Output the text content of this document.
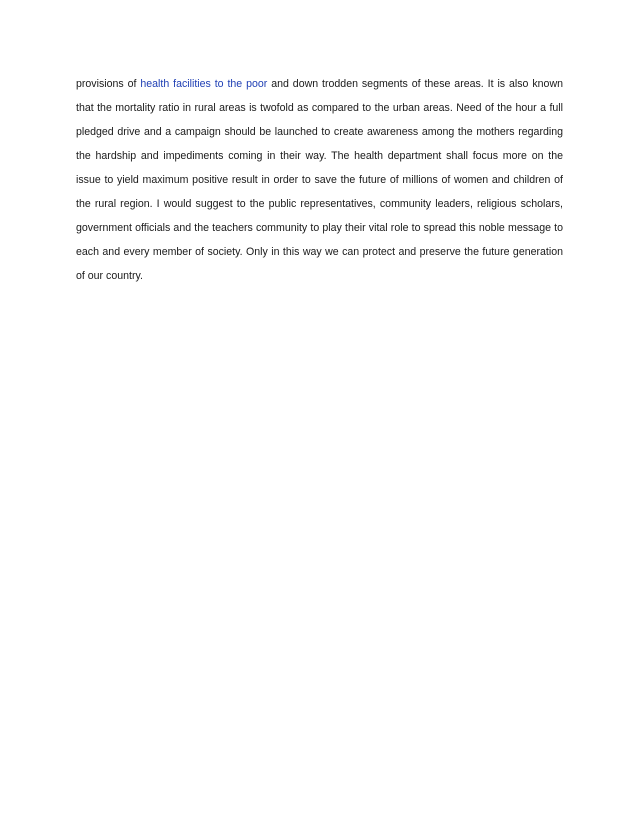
provisions of health facilities to the poor and down trodden segments of these areas. It is also known that the mortality ratio in rural areas is twofold as compared to the urban areas. Need of the hour a full pledged drive and a campaign should be launched to create awareness among the mothers regarding the hardship and impediments coming in their way. The health department shall focus more on the issue to yield maximum positive result in order to save the future of millions of women and children of the rural region. I would suggest to the public representatives, community leaders, religious scholars, government officials and the teachers community to play their vital role to spread this noble message to each and every member of society. Only in this way we can protect and preserve the future generation of our country.
